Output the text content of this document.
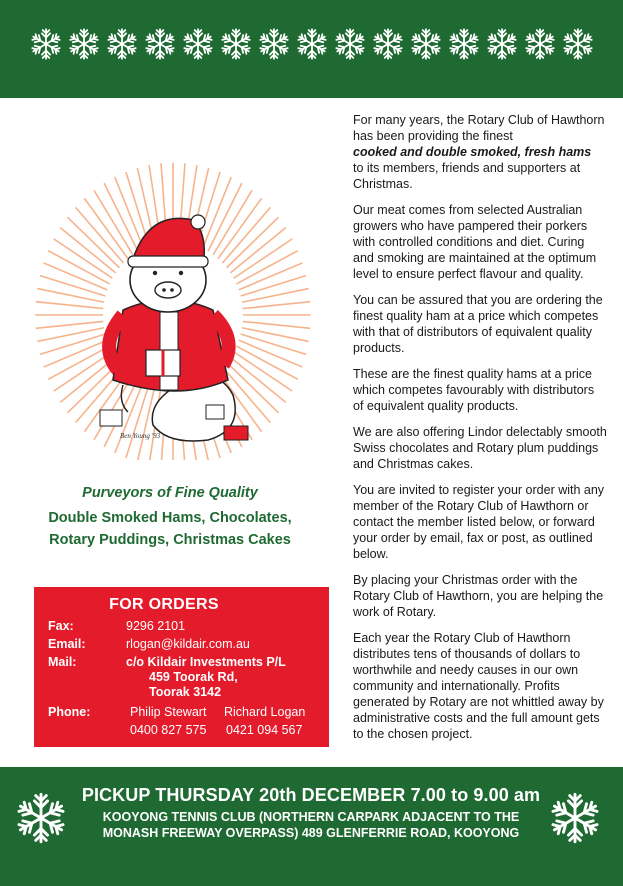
Ben Young '93
Purveyors of Fine Quality
Double Smoked Hams, Chocolates,
Rotary Puddings, Christmas Cakes
FOR ORDERS
Fax:	9296 2101
Email:	rlogan@kildair.com.au
Mail:	c/o Kildair Investments P/L
459 Toorak Rd,
Toorak 3142
Phone:	Philip Stewart Richard Logan
0400 827 575 0421 094 567

For many years, the Rotary Club of Hawthorn has been providing the finest
cooked and double smoked, fresh hams
to its members, friends and supporters at Christmas.

Our meat comes from selected Australian growers who have pampered their porkers with controlled conditions and diet. Curing and smoking are maintained at the optimum level to ensure perfect flavour and quality.

You can be assured that you are ordering the finest quality ham at a price which competes with that of distributors of equivalent quality products.

These are the finest quality hams at a price which competes favourably with distributors of equivalent quality products.

We are also offering Lindor delectably smooth Swiss chocolates and Rotary plum puddings and Christmas cakes.

You are invited to register your order with any member of the Rotary Club of Hawthorn or contact the member listed below, or forward your order by email, fax or post, as outlined below.

By placing your Christmas order with the Rotary Club of Hawthorn, you are helping the work of Rotary.

Each year the Rotary Club of Hawthorn distributes tens of thousands of dollars to worthwhile and needy causes in our own community and internationally. Profits generated by Rotary are not whittled away by administrative costs and the full amount gets to the chosen project.

PICKUP THURSDAY 20th DECEMBER 7.00 to 9.00 am
KOOYONG TENNIS CLUB (NORTHERN CARPARK ADJACENT TO THE
MONASH FREEWAY OVERPASS) 489 GLENFERRIE ROAD, KOOYONG
